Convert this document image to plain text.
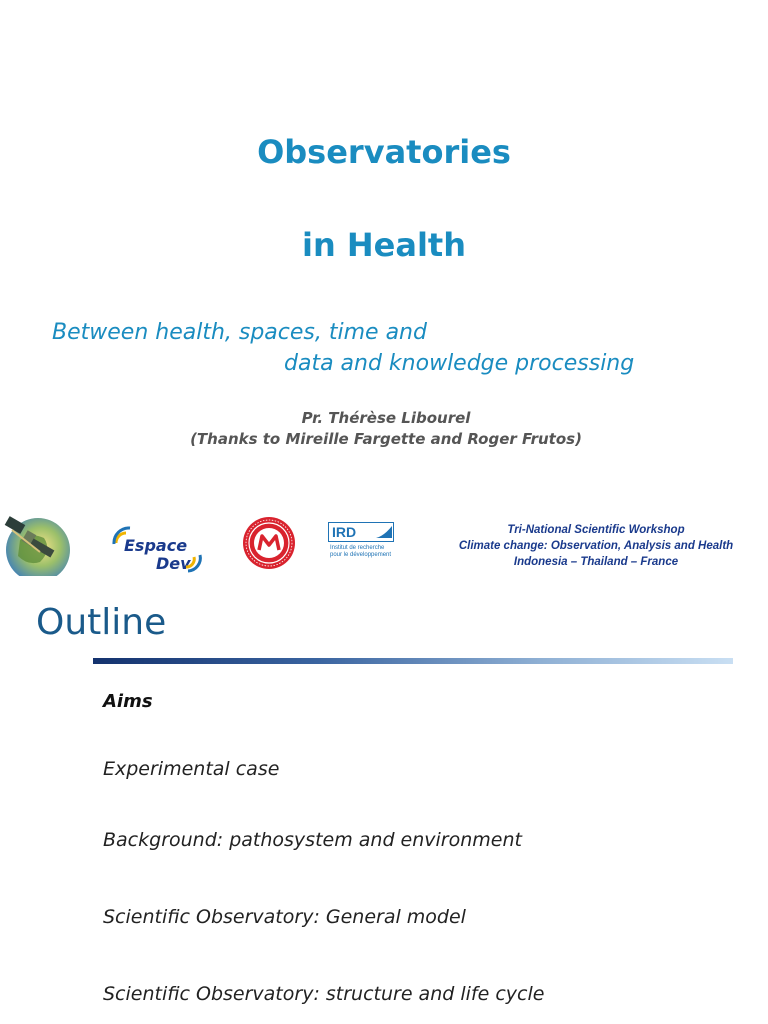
Observatories
in Health
Between health, spaces, time and
data and knowledge processing
Pr. Thérèse Libourel
(Thanks to Mireille Fargette and Roger Frutos)
Espace
Dev
IRD
Institut de recherche
pour le développement
Tri-National Scientific Workshop
Climate change: Observation, Analysis and Health
Indonesia – Thailand – France
Outline
Aims
Experimental case
Background: pathosystem and environment
Scientific Observatory: General model
Scientific Observatory: structure and life cycle
